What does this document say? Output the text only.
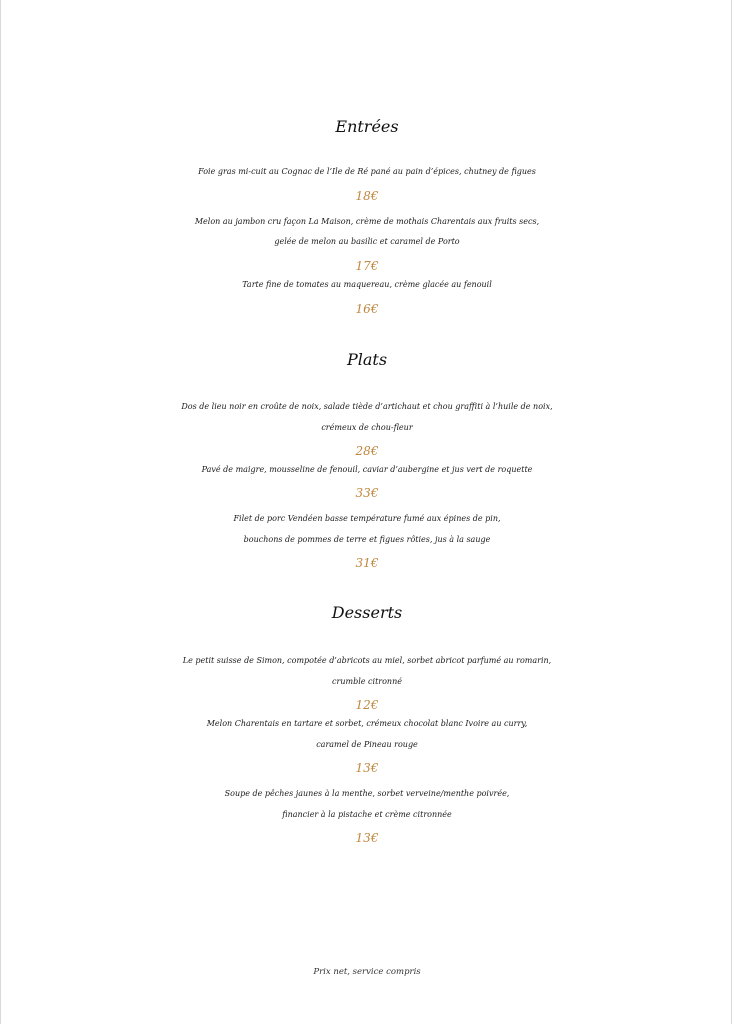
Entrées
Foie gras mi-cuit au Cognac de l’Ile de Ré pané au pain d’épices, chutney de figues
18€
Melon au jambon cru façon La Maison, crème de mothais Charentais aux fruits secs,
gelée de melon au basilic et caramel de Porto
17€
Tarte fine de tomates au maquereau, crème glacée au fenouil
16€
Plats
Dos de lieu noir en croûte de noix, salade tiède d’artichaut et chou graffiti à l’huile de noix,
crémeux de chou-fleur
28€
Pavé de maigre, mousseline de fenouil, caviar d’aubergine et jus vert de roquette
33€
Filet de porc Vendéen basse température fumé aux épines de pin,
bouchons de pommes de terre et figues rôties, jus à la sauge
31€
Desserts
Le petit suisse de Simon, compotée d’abricots au miel, sorbet abricot parfumé au romarin,
crumble citronné
12€
Melon Charentais en tartare et sorbet, crémeux chocolat blanc Ivoire au curry,
caramel de Pineau rouge
13€
Soupe de pêches jaunes à la menthe, sorbet verveine/menthe poivrée,
financier à la pistache et crème citronnée
13€
Prix net, service compris
